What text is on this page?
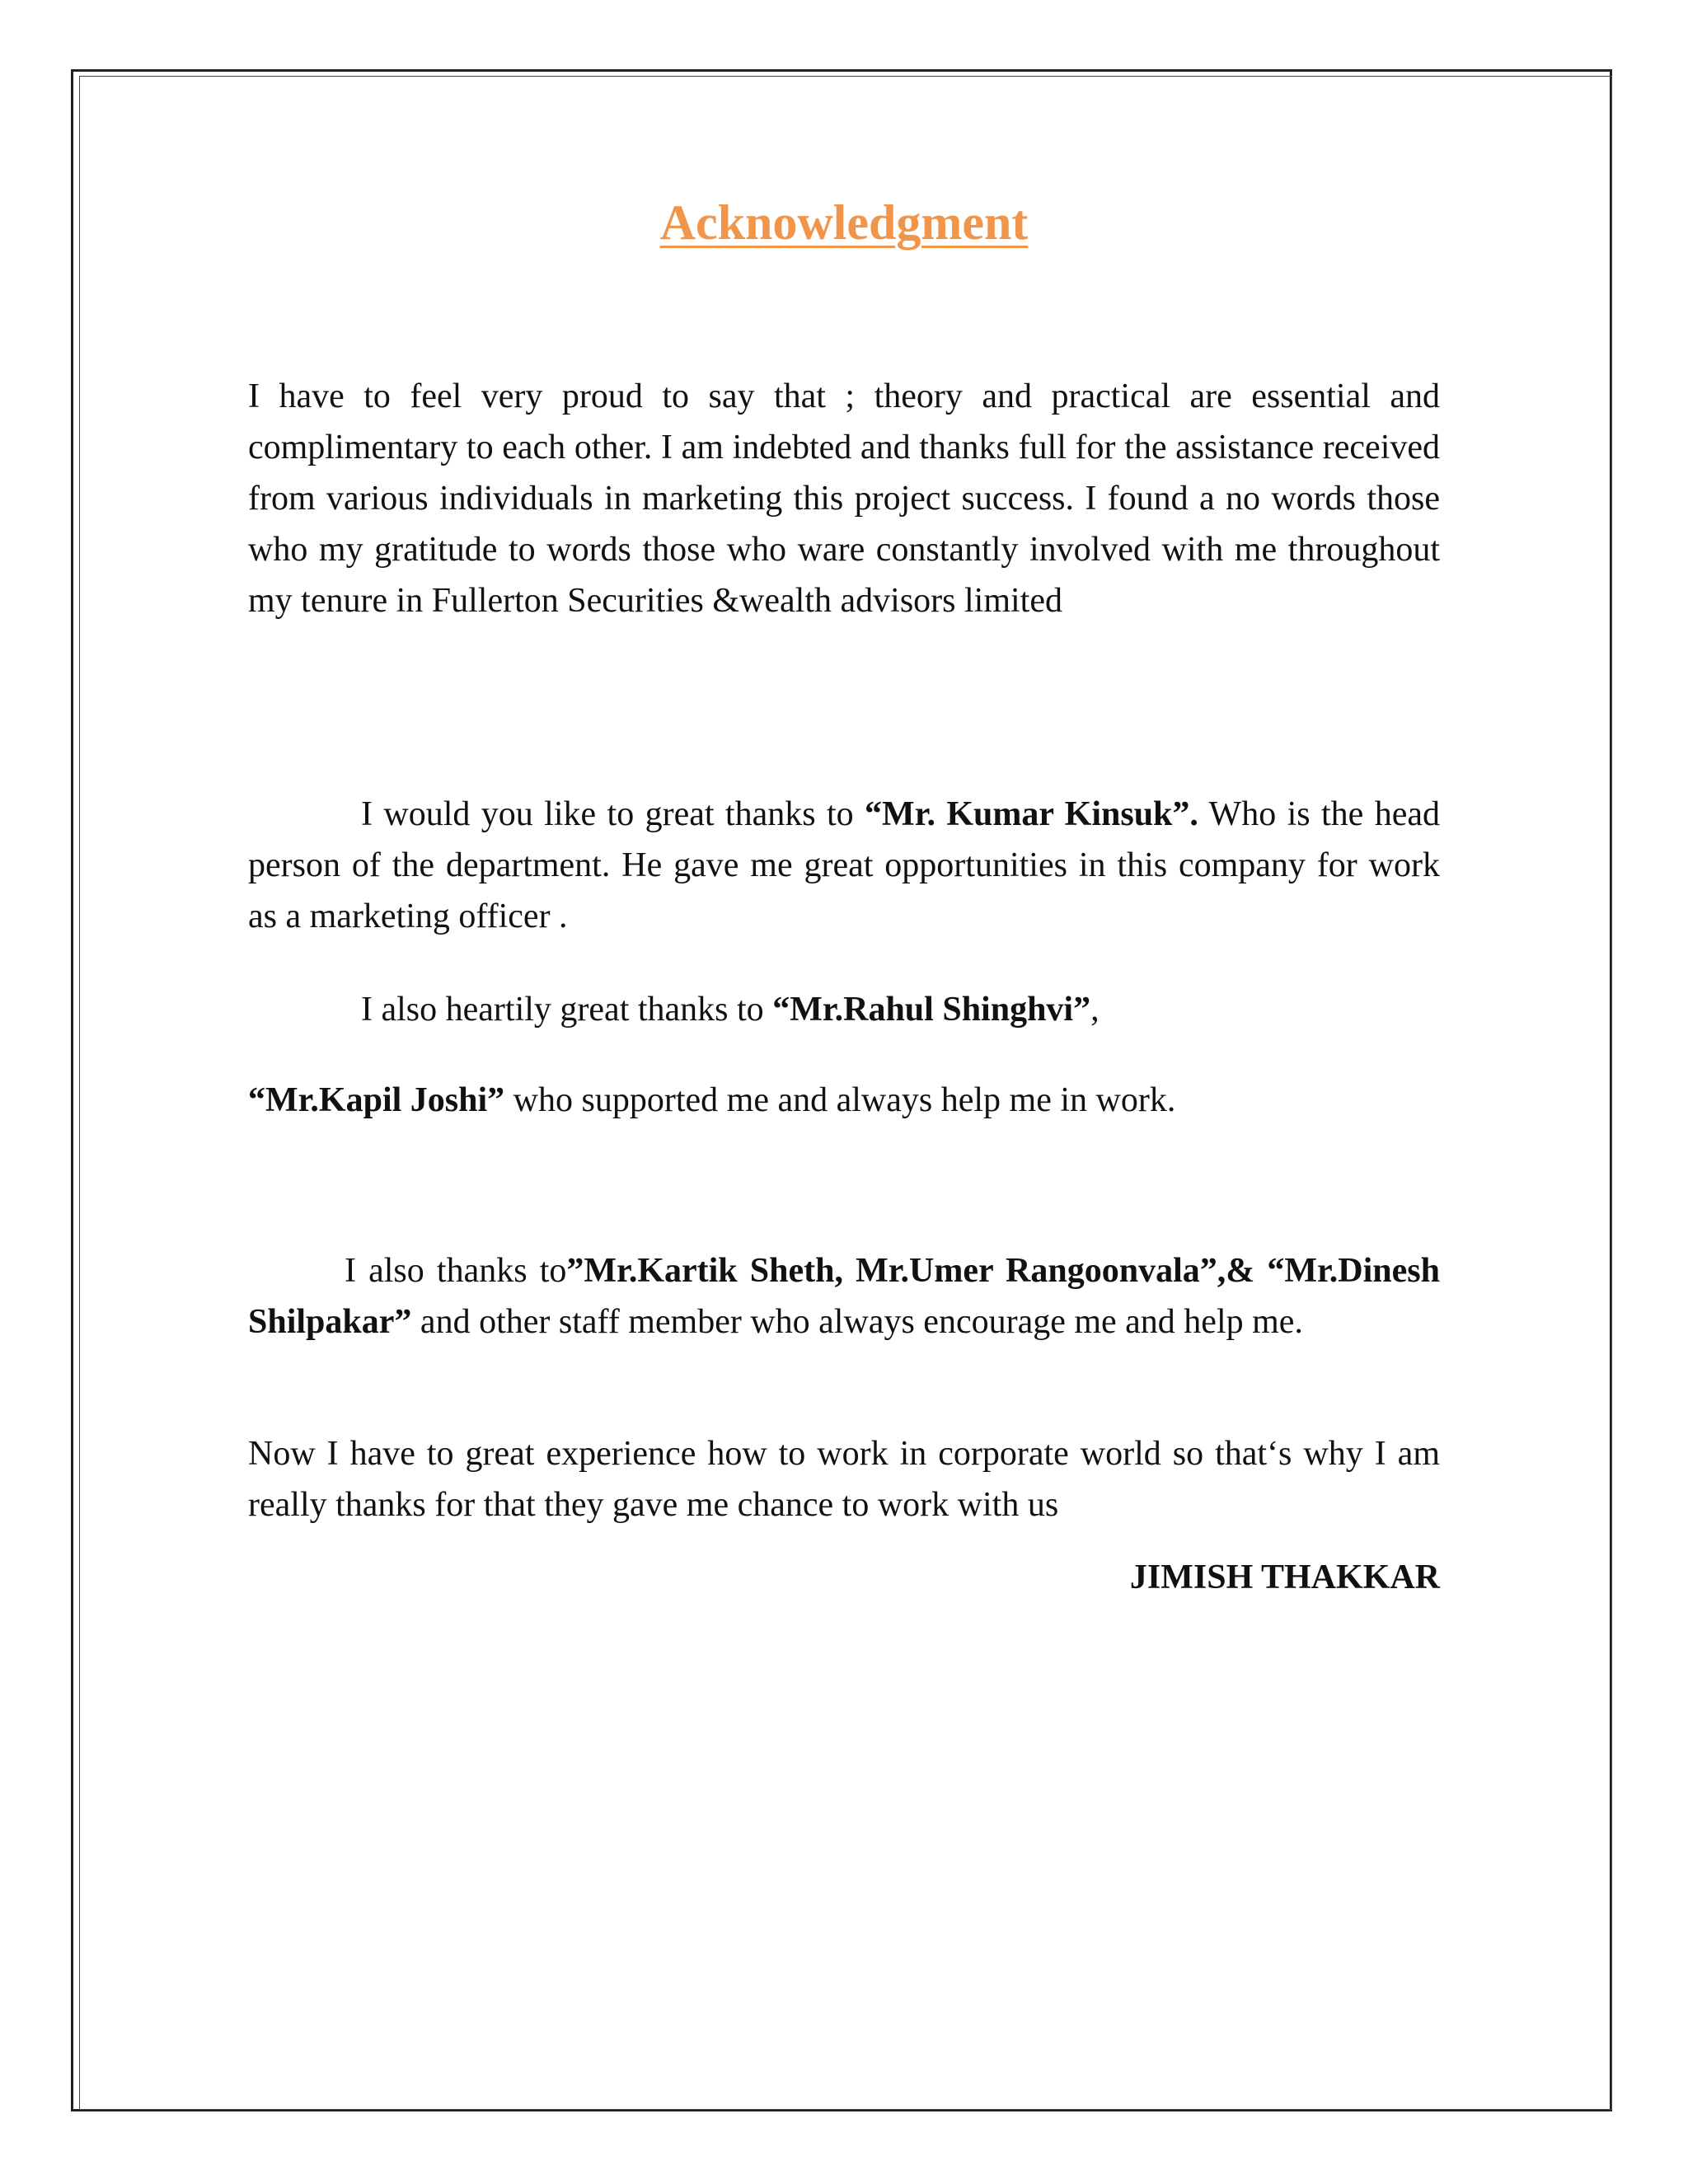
Acknowledgment

I have to feel very proud to say that ; theory and practical are essential and complimentary to each other. I am indebted and thanks full for the assistance received from various individuals in marketing this project success. I found a no words those who my gratitude to words those who ware constantly involved with me throughout my tenure in Fullerton Securities &wealth advisors limited

I would you like to great thanks to “Mr. Kumar Kinsuk”. Who is the head person of the department. He gave me great opportunities in this company for work as a marketing officer .

I also heartily great thanks to “Mr.Rahul Shinghvi”,

“Mr.Kapil Joshi” who supported me and always help me in work.

I also thanks to”Mr.Kartik Sheth, Mr.Umer Rangoonvala”,& “Mr.Dinesh Shilpakar” and other staff member who always encourage me and help me.

Now I have to great experience how to work in corporate world so that‘s why I am really thanks for that they gave me chance to work with us

JIMISH THAKKAR
